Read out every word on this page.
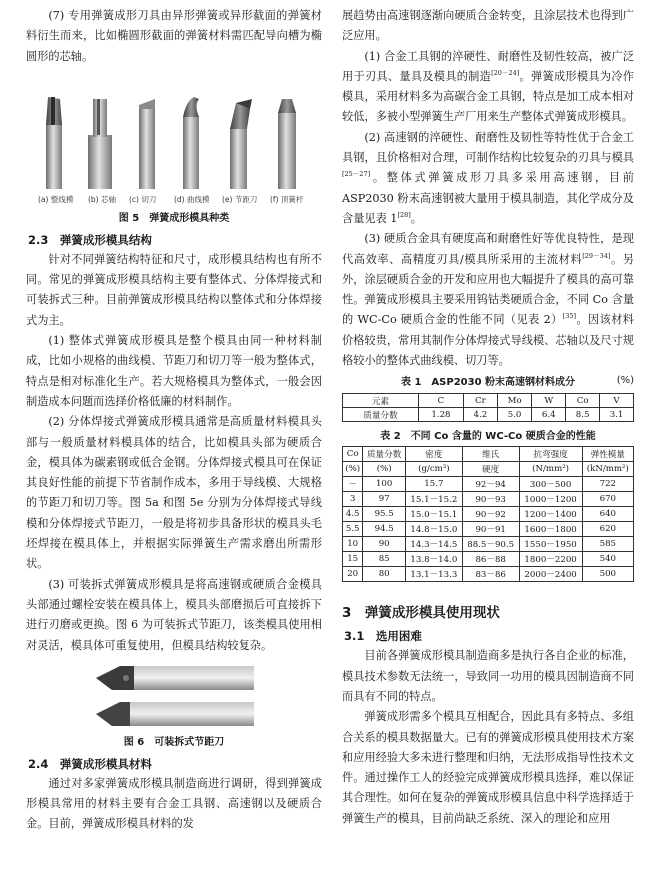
(7) 专用弹簧成形刀具由异形弹簧或异形截面的弹簧材料衍生而来，比如椭圆形截面的弹簧材料需匹配导向槽为椭圆形的芯轴。

(a) 整线模 (b) 芯轴 (c) 切刀 (d) 曲线模 (e) 节距刀 (f) 顶簧杆

图 5　弹簧成形模具种类

2.3　弹簧成形模具结构

针对不同弹簧结构特征和尺寸，成形模具结构也有所不同。常见的弹簧成形模具结构主要有整体式、分体焊接式和可装拆式三种。目前弹簧成形模具结构以整体式和分体焊接式为主。

(1) 整体式弹簧成形模具是整个模具由同一种材料制成，比如小规格的曲线模、节距刀和切刀等一般为整体式，特点是相对标准化生产。若大规格模具为整体式，一般会因制造成本问题而选择价格低廉的材料制作。

(2) 分体焊接式弹簧成形模具通常是高质量材料模具头部与一般质量材料模具体的结合，比如模具头部为硬质合金，模具体为碳素钢或低合金钢。分体焊接式模具可在保证其良好性能的前提下节省制作成本，多用于导线模、大规格的节距刀和切刀等。图 5a 和图 5e 分别为分体焊接式导线模和分体焊接式节距刀，一般是将初步具备形状的模具头毛坯焊接在模具体上，并根据实际弹簧生产需求磨出所需形状。

(3) 可装拆式弹簧成形模具是将高速钢或硬质合金模具头部通过螺栓安装在模具体上，模具头部磨损后可直接拆下进行刃磨或更换。图 6 为可装拆式节距刀，该类模具使用相对灵活，模具体可重复使用，但模具结构较复杂。

图 6　可装拆式节距刀

2.4　弹簧成形模具材料

通过对多家弹簧成形模具制造商进行调研，得到弹簧成形模具常用的材料主要有合金工具钢、高速钢以及硬质合金。目前，弹簧成形模具材料的发

展趋势由高速钢逐渐向硬质合金转变，且涂层技术也得到广泛应用。

(1) 合金工具钢的淬硬性、耐磨性及韧性较高，被广泛用于刃具、量具及模具的制造[20－24]。弹簧成形模具为冷作模具，采用材料多为高碳合金工具钢，特点是加工成本相对较低，多被小型弹簧生产厂用来生产整体式弹簧成形模具。

(2) 高速钢的淬硬性、耐磨性及韧性等特性优于合金工具钢，且价格相对合理，可制作结构比较复杂的刃具与模具[25－27]。整体式弹簧成形刀具多采用高速钢，目前 ASP2030 粉末高速钢被大量用于模具制造，其化学成分及含量见表 1[28]。

(3) 硬质合金具有硬度高和耐磨性好等优良特性，是现代高效率、高精度刃具/模具所采用的主流材料[29－34]。另外，涂层硬质合金的开发和应用也大幅提升了模具的高可靠性。弹簧成形模具主要采用钨钴类硬质合金，不同 Co 含量的 WC-Co 硬质合金的性能不同（见表 2）[35]。因该材料价格较贵，常用其制作分体焊接式导线模、芯轴以及尺寸规格较小的整体式曲线模、切刀等。

表 1　ASP2030 粉末高速钢材料成分	(%)
元素	C	Cr	Mo	W	Co	V
质量分数	1.28	4.2	5.0	6.4	8.5	3.1

表 2　不同 Co 含量的 WC-Co 硬质合金的性能

Co	质量分数	密度	维氏	抗弯强度	弹性模量
(%)	(%)	(g/cm³)	硬度	(N/mm²)	(kN/mm²)
－	100	15.7	92－94	300－500	722
3	97	15.1－15.2	90－93	1000－1200	670
4.5	95.5	15.0－15.1	90－92	1200－1400	640
5.5	94.5	14.8－15.0	90－91	1600－1800	620
10	90	14.3－14.5	88.5－90.5	1550－1950	585
15	85	13.8－14.0	86－88	1800－2200	540
20	80	13.1－13.3	83－86	2000－2400	500

3　弹簧成形模具使用现状

3.1　选用困难

目前各弹簧成形模具制造商多是执行各自企业的标准，模具技术参数无法统一，导致同一功用的模具因制造商不同而具有不同的特点。

弹簧成形需多个模具互相配合，因此具有多特点、多组合关系的模具数据量大。已有的弹簧成形模具使用技术方案和应用经验大多未进行整理和归纳，无法形成指导性技术文件。通过操作工人的经验完成弹簧成形模具选择，难以保证其合理性。如何在复杂的弹簧成形模具信息中科学选择适于弹簧生产的模具，目前尚缺乏系统、深入的理论和应用
